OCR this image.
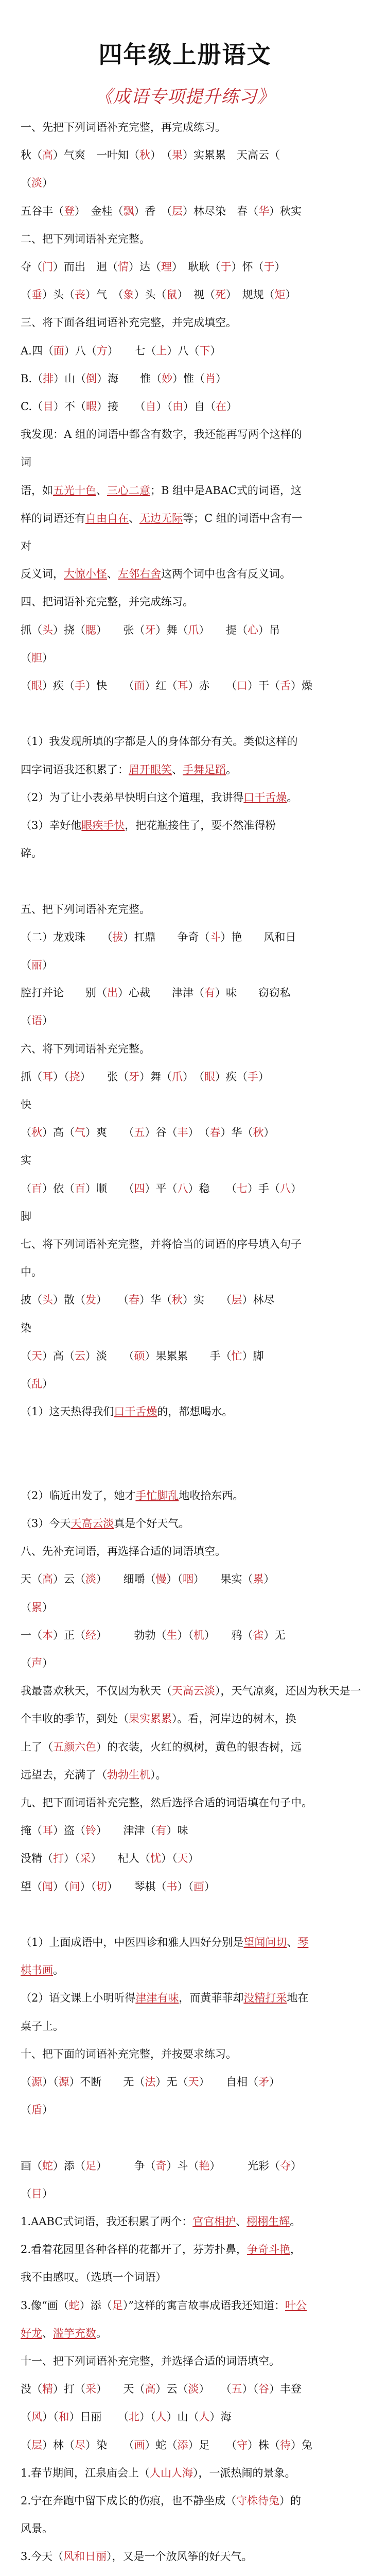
四年级上册语文
《成语专项提升练习》
一、先把下列词语补充完整，再完成练习。
秋（高）气爽　一叶知（秋）　（果）实累累　天高云（
（淡）
五谷丰（登）　金桂（飘）香　（层）林尽染　春（华）秋实
二、把下列词语补充完整。
夺（门）而出　迥（情）达（理）　耿耿（于）怀（于）
（垂）头（丧）气　（象）头（鼠）　视（死）　规规（矩）
三、将下面各组词语补充完整，并完成填空。
A.四（面）八（方）　　七（上）八（下）
B.（排）山（倒）海　　惟（妙）惟（肖）
C.（目）不（暇）接　　（自）（由）自（在）
我发现：A 组的词语中都含有数字，我还能再写两个这样的
词
语，如五光十色、三心二意；B 组中是ABAC式的词语，这
样的词语还有自由自在、无边无际等；C 组的词语中含有一
对
反义词，大惊小怪、左邻右舍这两个词中也含有反义词。
四、把词语补充完整，并完成练习。
抓（头）挠（腮）　　张（牙）舞（爪）　　提（心）吊
（胆）
（眼）疾（手）快　　（面）红（耳）赤　　（口）干（舌）燥
（1）我发现所填的字都是人的身体部分有关。类似这样的
四字词语我还积累了：眉开眼笑、手舞足蹈。
（2）为了让小表弟早快明白这个道理，我讲得口干舌燥。
（3）幸好他眼疾手快，把花瓶接住了，要不然准得粉
碎。
五、把下列词语补充完整。
（二）龙戏珠　　（拔）扛鼎　　争奇（斗）艳　　风和日
（丽）
腔打并论　　别（出）心裁　　津津（有）味　　窃窃私
（语）
六、将下列词语补充完整。
抓（耳）（挠）　　张（牙）舞（爪）　（眼）疾（手）
快
（秋）高（气）爽　　（五）谷（丰）　（春）华（秋）
实
（百）依（百）顺　　（四）平（八）稳　　（七）手（八）
脚
七、将下列词语补充完整，并将恰当的词语的序号填入句子
中。
披（头）散（发）　　（春）华（秋）实　　（层）林尽
染
（天）高（云）淡　　（硕）果累累　　手（忙）脚
（乱）
（1）这天热得我们口干舌燥的，都想喝水。
（2）临近出发了，她才手忙脚乱地收拾东西。
（3）今天天高云淡真是个好天气。
八、先补充词语，再选择合适的词语填空。
天（高）云（淡）　　细嚼（慢）（咽）　　果实（累）
（累）
一（本）正（经）　　　勃勃（生）（机）　　鸦（雀）无
（声）
我最喜欢秋天，不仅因为秋天（天高云淡），天气凉爽，还因为秋天是一
个丰收的季节，到处（果实累累）。看，河岸边的树木，换
上了（五颜六色）的衣装，火红的枫树，黄色的银杏树，远
远望去，充满了（勃勃生机）。
九、把下面词语补充完整，然后选择合适的词语填在句子中。
掩（耳）盗（铃）　　津津（有）味
没精（打）（采）　　杞人（忧）（天）
望（闻）（问）（切）　　琴棋（书）（画）
（1）上面成语中，中医四诊和雅人四好分别是望闻问切、琴
棋书画。
（2）语文课上小明听得津津有味，而黄菲菲却没精打采地在
桌子上。
十、把下面的词语补充完整，并按要求练习。
（源）（源）不断　　无（法）无（天）　　自相（矛）
（盾）
画（蛇）添（足）　　　争（奇）斗（艳）　　　光彩（夺）
（目）
1.AABC式词语，我还积累了两个：官官相护、栩栩生辉。
2.看着花园里各种各样的花都开了，芬芳扑鼻，争奇斗艳，
我不由感叹。（选填一个词语）
3.像“画（蛇）添（足）”这样的寓言故事成语我还知道：叶公
好龙、滥竽充数。
十一、把下列词语补充完整，并选择合适的词语填空。
没（精）打（采）　　天（高）云（淡）　　（五）（谷）丰登
（风）（和）日丽　　（北）（人）山（人）海
（层）林（尽）染　　（画）蛇（添）足　　（守）株（待）兔
1.春节期间，江泉庙会上（人山人海），一派热闹的景象。
2.宁在奔跑中留下成长的伤痕，也不静坐成（守株待兔）的
风景。
3.今天（风和日丽），又是一个放风筝的好天气。
